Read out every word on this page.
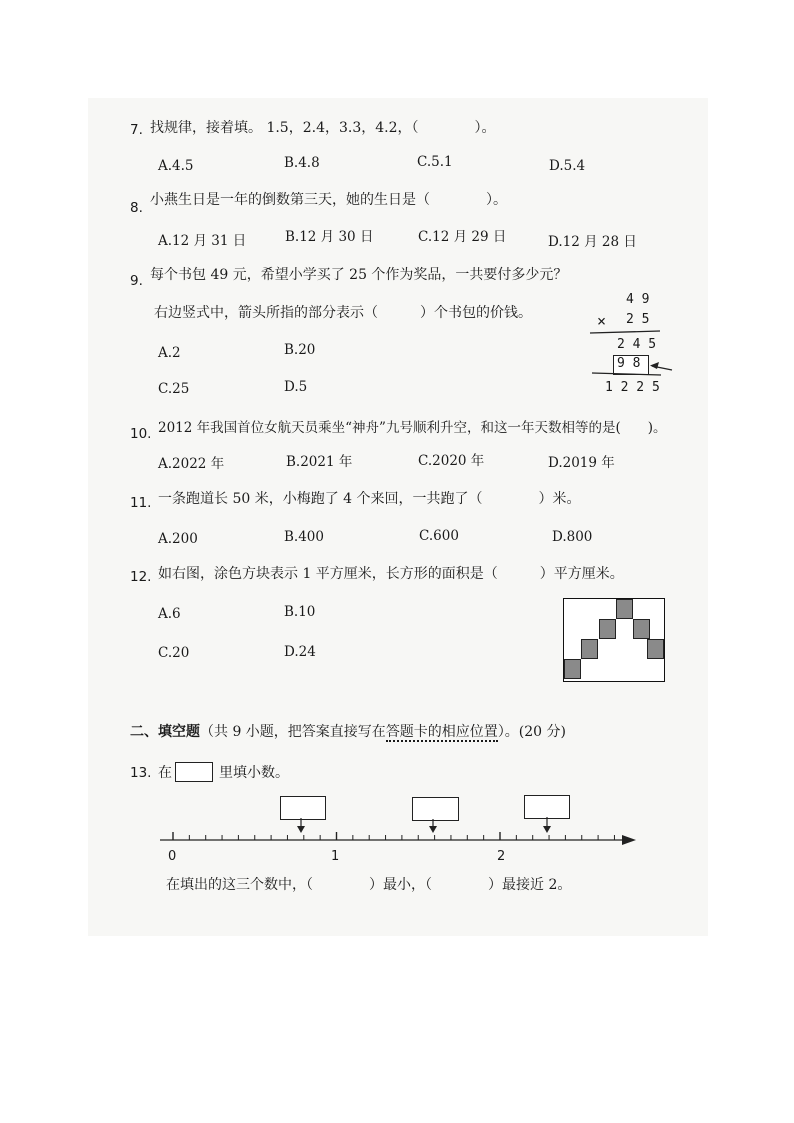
7. 找规律，接着填。 1.5，2.4，3.3，4.2，（　　　　）。
A.4.5	B.4.8	C.5.1	D.5.4
8. 小燕生日是一年的倒数第三天，她的生日是（　　　　）。
A.12 月 31 日	B.12 月 30 日	C.12 月 29 日	D.12 月 28 日
9. 每个书包 49 元，希望小学买了 25 个作为奖品，一共要付多少元？
右边竖式中，箭头所指的部分表示（　　　）个书包的价钱。
A.2	B.20
C.25	D.5
4 9
× 2 5
2 4 5
9 8
1 2 2 5
10. 2012 年我国首位女航天员乘坐“神舟”九号顺利升空，和这一年天数相等的是(　　)。
A.2022 年	B.2021 年	C.2020 年	D.2019 年
11. 一条跑道长 50 米，小梅跑了 4 个来回，一共跑了（　　　　）米。
A.200	B.400	C.600	D.800
12. 如右图，涂色方块表示 1 平方厘米，长方形的面积是（　　　）平方厘米。
A.6	B.10
C.20	D.24
二、填空题（共 9 小题，把答案直接写在答题卡的相应位置）。(20 分)
13. 在	里填小数。
0	1	2
在填出的这三个数中，（　　　　）最小，（　　　　）最接近 2。
